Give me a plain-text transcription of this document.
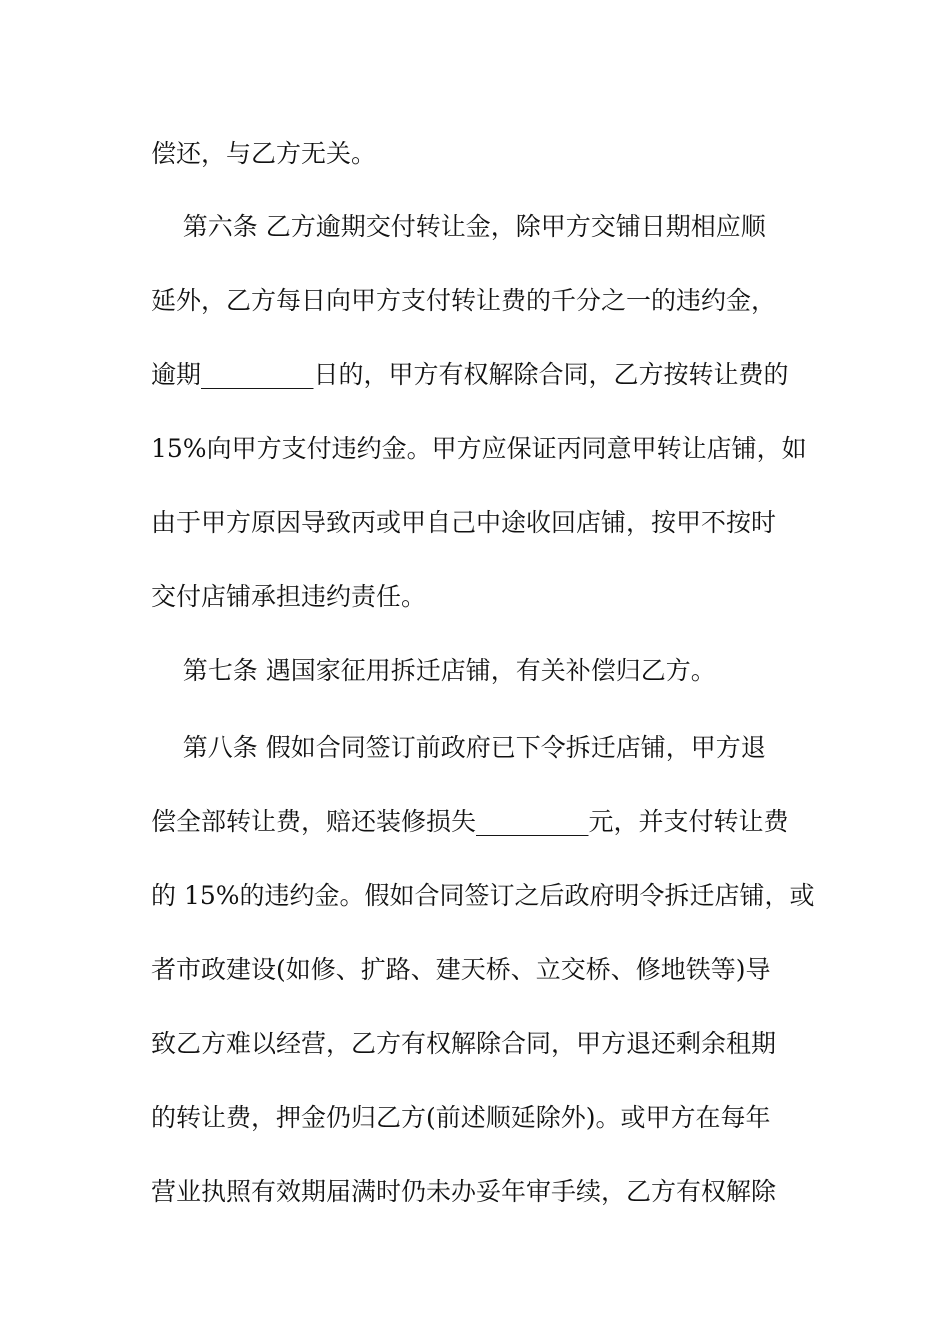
偿还，与乙方无关。
第六条 乙方逾期交付转让金，除甲方交铺日期相应顺
延外，乙方每日向甲方支付转让费的千分之一的违约金，
逾期_________日的，甲方有权解除合同，乙方按转让费的
15%向甲方支付违约金。甲方应保证丙同意甲转让店铺，如
由于甲方原因导致丙或甲自己中途收回店铺，按甲不按时
交付店铺承担违约责任。
第七条 遇国家征用拆迁店铺，有关补偿归乙方。
第八条 假如合同签订前政府已下令拆迁店铺，甲方退
偿全部转让费，赔还装修损失_________元，并支付转让费
的 15%的违约金。假如合同签订之后政府明令拆迁店铺，或
者市政建设(如修、扩路、建天桥、立交桥、修地铁等)导
致乙方难以经营，乙方有权解除合同，甲方退还剩余租期
的转让费，押金仍归乙方(前述顺延除外)。或甲方在每年
营业执照有效期届满时仍未办妥年审手续，乙方有权解除
